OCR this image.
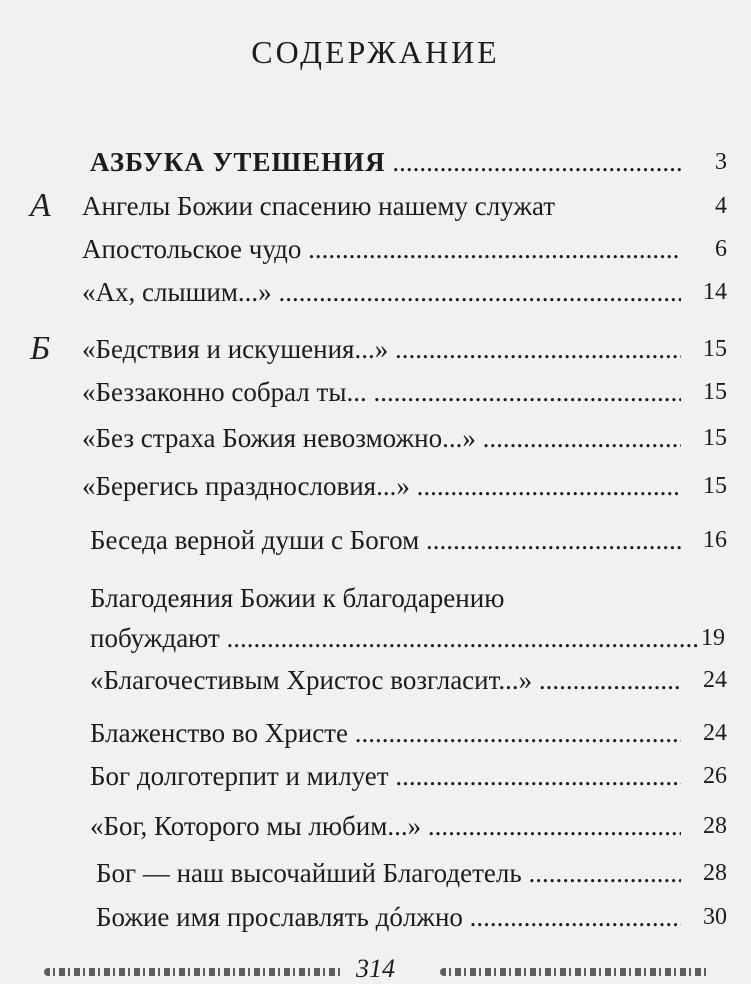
СОДЕРЖАНИЕ
АЗБУКА УТЕШЕНИЯ .....	3
А Ангелы Божии спасению нашему служат	4
Апостольское чудо .....	6
«Ах, слышим...» .....	14
Б «Бедствия и искушения...» .....	15
«Беззаконно собрал ты... .....	15
«Без страха Божия невозможно...» .....	15
«Берегись празднословия...» .....	15
Беседа верной души с Богом .....	16
Благодеяния Божии к благодарению
побуждают .....	19
«Благочестивым Христос возгласит...» .....	24
Блаженство во Христе .....	24
Бог долготерпит и милует .....	26
«Бог, Которого мы любим...» .....	28
Бог — наш высочайший Благодетель .....	28
Божие имя прославлять дóлжно .....	30
314
